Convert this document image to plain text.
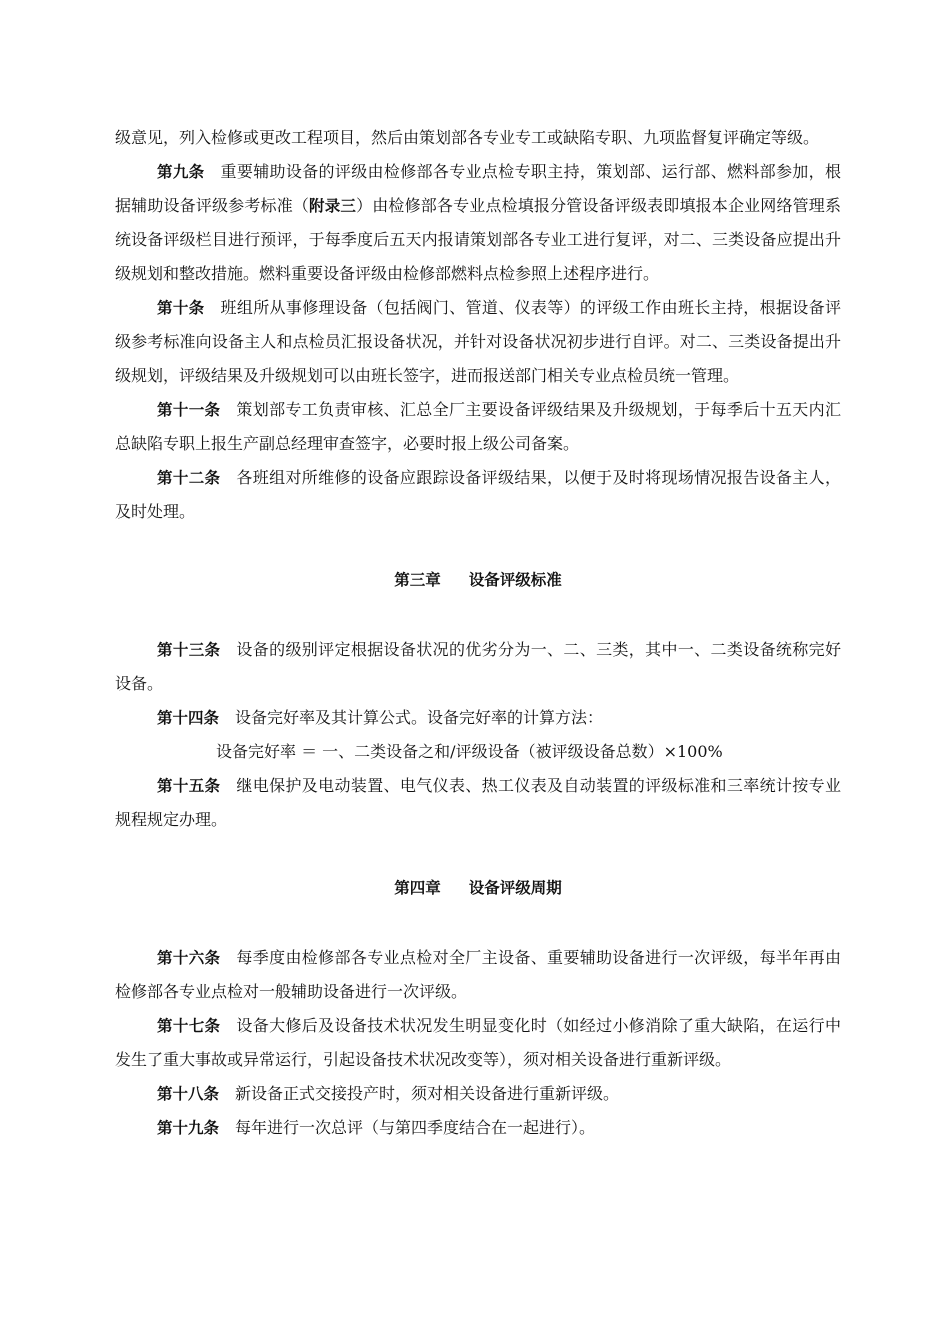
级意见，列入检修或更改工程项目，然后由策划部各专业专工或缺陷专职、九项监督复评确定等级。

第九条 重要辅助设备的评级由检修部各专业点检专职主持，策划部、运行部、燃料部参加，根据辅助设备评级参考标准（附录三）由检修部各专业点检填报分管设备评级表即填报本企业网络管理系统设备评级栏目进行预评，于每季度后五天内报请策划部各专业工进行复评，对二、三类设备应提出升级规划和整改措施。燃料重要设备评级由检修部燃料点检参照上述程序进行。

第十条 班组所从事修理设备（包括阀门、管道、仪表等）的评级工作由班长主持，根据设备评级参考标准向设备主人和点检员汇报设备状况，并针对设备状况初步进行自评。对二、三类设备提出升级规划，评级结果及升级规划可以由班长签字，进而报送部门相关专业点检员统一管理。

第十一条 策划部专工负责审核、汇总全厂主要设备评级结果及升级规划，于每季后十五天内汇总缺陷专职上报生产副总经理审查签字，必要时报上级公司备案。

第十二条 各班组对所维修的设备应跟踪设备评级结果，以便于及时将现场情况报告设备主人，及时处理。

第三章 设备评级标准

第十三条 设备的级别评定根据设备状况的优劣分为一、二、三类，其中一、二类设备统称完好设备。

第十四条 设备完好率及其计算公式。设备完好率的计算方法：

设备完好率 ＝ 一、二类设备之和/评级设备（被评级设备总数）×100%

第十五条 继电保护及电动装置、电气仪表、热工仪表及自动装置的评级标准和三率统计按专业规程规定办理。

第四章 设备评级周期

第十六条 每季度由检修部各专业点检对全厂主设备、重要辅助设备进行一次评级，每半年再由检修部各专业点检对一般辅助设备进行一次评级。

第十七条 设备大修后及设备技术状况发生明显变化时（如经过小修消除了重大缺陷，在运行中发生了重大事故或异常运行，引起设备技术状况改变等），须对相关设备进行重新评级。

第十八条 新设备正式交接投产时，须对相关设备进行重新评级。

第十九条 每年进行一次总评（与第四季度结合在一起进行）。
